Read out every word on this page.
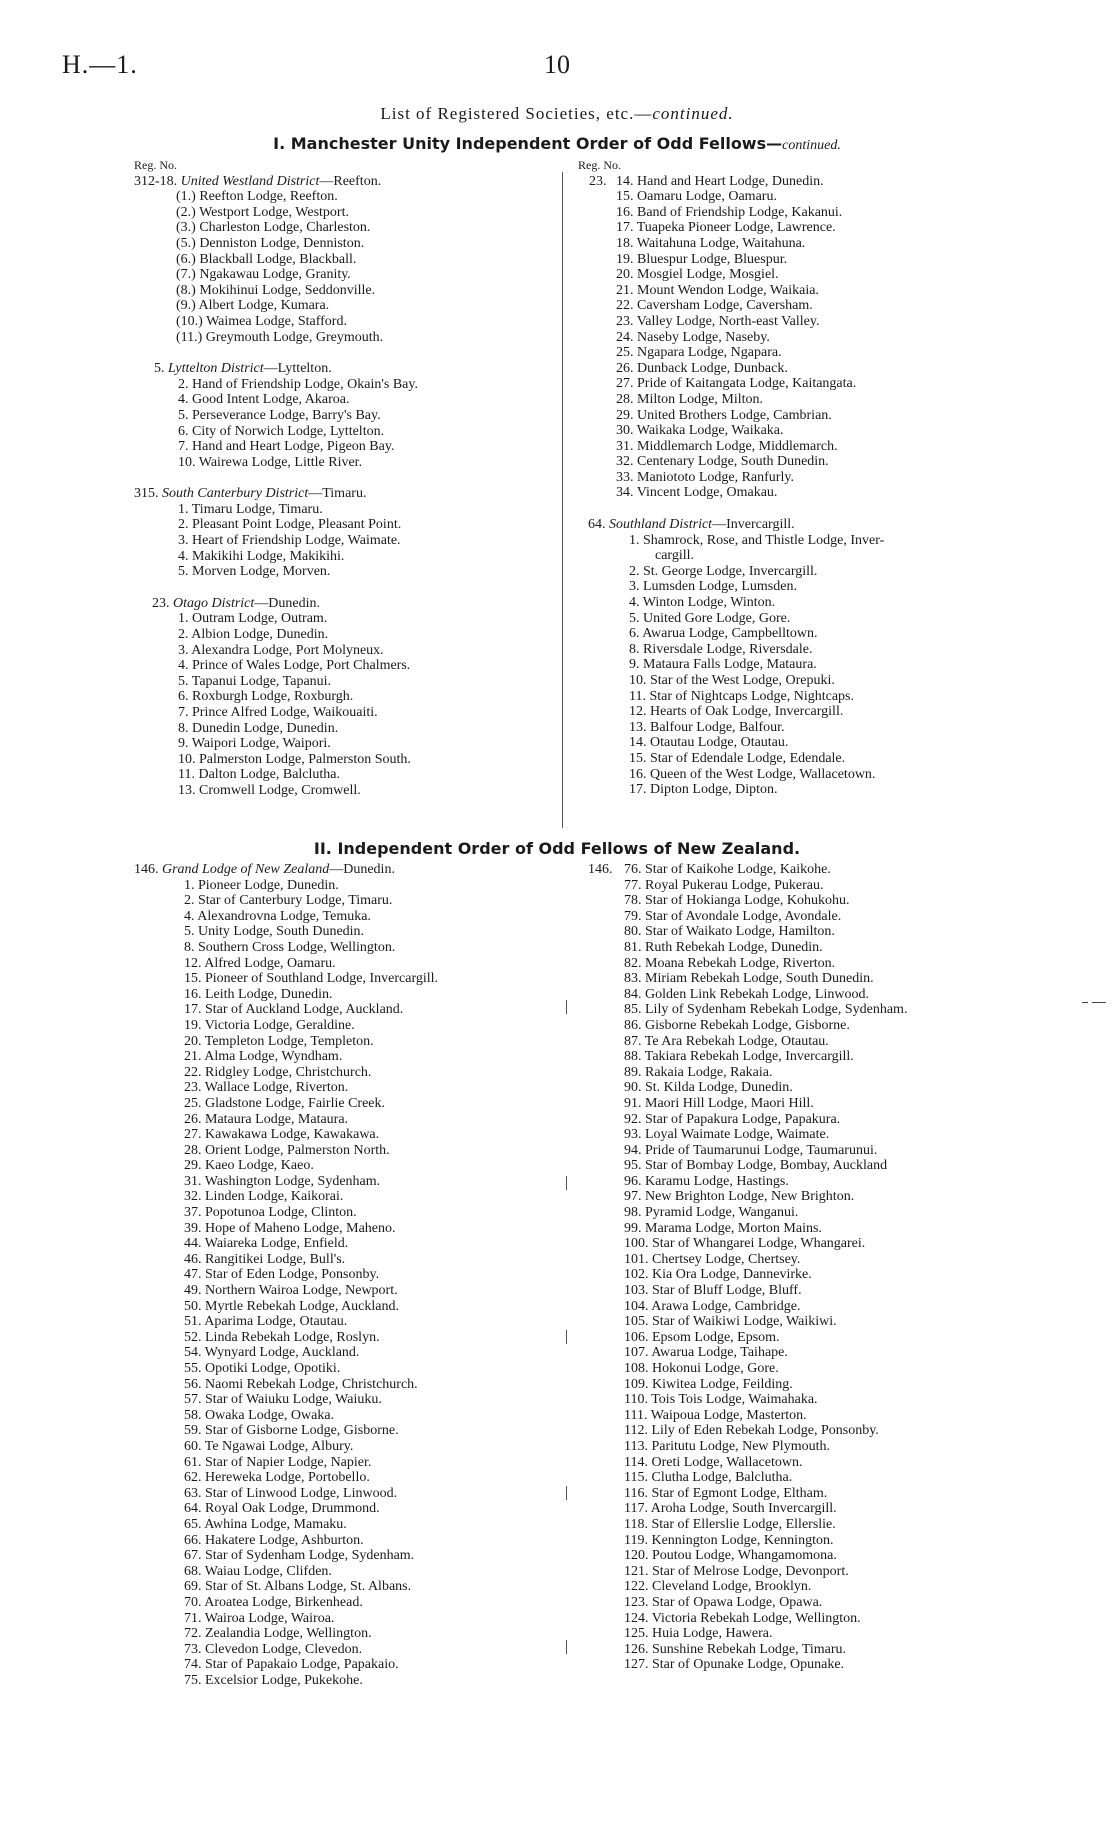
H.—1.	10
List of Registered Societies, etc.—continued.
I. Manchester Unity Independent Order of Odd Fellows—continued.
Reg. No.
312-18. United Westland District—Reefton.
(1.) Reefton Lodge, Reefton.
(2.) Westport Lodge, Westport.
(3.) Charleston Lodge, Charleston.
(5.) Denniston Lodge, Denniston.
(6.) Blackball Lodge, Blackball.
(7.) Ngakawau Lodge, Granity.
(8.) Mokihinui Lodge, Seddonville.
(9.) Albert Lodge, Kumara.
(10.) Waimea Lodge, Stafford.
(11.) Greymouth Lodge, Greymouth.
5. Lyttelton District—Lyttelton.
2. Hand of Friendship Lodge, Okain's Bay.
4. Good Intent Lodge, Akaroa.
5. Perseverance Lodge, Barry's Bay.
6. City of Norwich Lodge, Lyttelton.
7. Hand and Heart Lodge, Pigeon Bay.
10. Wairewa Lodge, Little River.
315. South Canterbury District—Timaru.
1. Timaru Lodge, Timaru.
2. Pleasant Point Lodge, Pleasant Point.
3. Heart of Friendship Lodge, Waimate.
4. Makikihi Lodge, Makikihi.
5. Morven Lodge, Morven.
23. Otago District—Dunedin.
1. Outram Lodge, Outram.
2. Albion Lodge, Dunedin.
3. Alexandra Lodge, Port Molyneux.
4. Prince of Wales Lodge, Port Chalmers.
5. Tapanui Lodge, Tapanui.
6. Roxburgh Lodge, Roxburgh.
7. Prince Alfred Lodge, Waikouaiti.
8. Dunedin Lodge, Dunedin.
9. Waipori Lodge, Waipori.
10. Palmerston Lodge, Palmerston South.
11. Dalton Lodge, Balclutha.
13. Cromwell Lodge, Cromwell.
Reg. No.
23. 14. Hand and Heart Lodge, Dunedin.
15. Oamaru Lodge, Oamaru.
16. Band of Friendship Lodge, Kakanui.
17. Tuapeka Pioneer Lodge, Lawrence.
18. Waitahuna Lodge, Waitahuna.
19. Bluespur Lodge, Bluespur.
20. Mosgiel Lodge, Mosgiel.
21. Mount Wendon Lodge, Waikaia.
22. Caversham Lodge, Caversham.
23. Valley Lodge, North-east Valley.
24. Naseby Lodge, Naseby.
25. Ngapara Lodge, Ngapara.
26. Dunback Lodge, Dunback.
27. Pride of Kaitangata Lodge, Kaitangata.
28. Milton Lodge, Milton.
29. United Brothers Lodge, Cambrian.
30. Waikaka Lodge, Waikaka.
31. Middlemarch Lodge, Middlemarch.
32. Centenary Lodge, South Dunedin.
33. Maniototo Lodge, Ranfurly.
34. Vincent Lodge, Omakau.
64. Southland District—Invercargill.
1. Shamrock, Rose, and Thistle Lodge, Inver-
cargill.
2. St. George Lodge, Invercargill.
3. Lumsden Lodge, Lumsden.
4. Winton Lodge, Winton.
5. United Gore Lodge, Gore.
6. Awarua Lodge, Campbelltown.
8. Riversdale Lodge, Riversdale.
9. Mataura Falls Lodge, Mataura.
10. Star of the West Lodge, Orepuki.
11. Star of Nightcaps Lodge, Nightcaps.
12. Hearts of Oak Lodge, Invercargill.
13. Balfour Lodge, Balfour.
14. Otautau Lodge, Otautau.
15. Star of Edendale Lodge, Edendale.
16. Queen of the West Lodge, Wallacetown.
17. Dipton Lodge, Dipton.
II. Independent Order of Odd Fellows of New Zealand.
146. Grand Lodge of New Zealand—Dunedin.
1. Pioneer Lodge, Dunedin.
2. Star of Canterbury Lodge, Timaru.
4. Alexandrovna Lodge, Temuka.
5. Unity Lodge, South Dunedin.
8. Southern Cross Lodge, Wellington.
12. Alfred Lodge, Oamaru.
15. Pioneer of Southland Lodge, Invercargill.
16. Leith Lodge, Dunedin.
17. Star of Auckland Lodge, Auckland.
19. Victoria Lodge, Geraldine.
20. Templeton Lodge, Templeton.
21. Alma Lodge, Wyndham.
22. Ridgley Lodge, Christchurch.
23. Wallace Lodge, Riverton.
25. Gladstone Lodge, Fairlie Creek.
26. Mataura Lodge, Mataura.
27. Kawakawa Lodge, Kawakawa.
28. Orient Lodge, Palmerston North.
29. Kaeo Lodge, Kaeo.
31. Washington Lodge, Sydenham.
32. Linden Lodge, Kaikorai.
37. Popotunoa Lodge, Clinton.
39. Hope of Maheno Lodge, Maheno.
44. Waiareka Lodge, Enfield.
46. Rangitikei Lodge, Bull's.
47. Star of Eden Lodge, Ponsonby.
49. Northern Wairoa Lodge, Newport.
50. Myrtle Rebekah Lodge, Auckland.
51. Aparima Lodge, Otautau.
52. Linda Rebekah Lodge, Roslyn.
54. Wynyard Lodge, Auckland.
55. Opotiki Lodge, Opotiki.
56. Naomi Rebekah Lodge, Christchurch.
57. Star of Waiuku Lodge, Waiuku.
58. Owaka Lodge, Owaka.
59. Star of Gisborne Lodge, Gisborne.
60. Te Ngawai Lodge, Albury.
61. Star of Napier Lodge, Napier.
62. Hereweka Lodge, Portobello.
63. Star of Linwood Lodge, Linwood.
64. Royal Oak Lodge, Drummond.
65. Awhina Lodge, Mamaku.
66. Hakatere Lodge, Ashburton.
67. Star of Sydenham Lodge, Sydenham.
68. Waiau Lodge, Clifden.
69. Star of St. Albans Lodge, St. Albans.
70. Aroatea Lodge, Birkenhead.
71. Wairoa Lodge, Wairoa.
72. Zealandia Lodge, Wellington.
73. Clevedon Lodge, Clevedon.
74. Star of Papakaio Lodge, Papakaio.
75. Excelsior Lodge, Pukekohe.
146. 76. Star of Kaikohe Lodge, Kaikohe.
77. Royal Pukerau Lodge, Pukerau.
78. Star of Hokianga Lodge, Kohukohu.
79. Star of Avondale Lodge, Avondale.
80. Star of Waikato Lodge, Hamilton.
81. Ruth Rebekah Lodge, Dunedin.
82. Moana Rebekah Lodge, Riverton.
83. Miriam Rebekah Lodge, South Dunedin.
84. Golden Link Rebekah Lodge, Linwood.
85. Lily of Sydenham Rebekah Lodge, Sydenham.
86. Gisborne Rebekah Lodge, Gisborne.
87. Te Ara Rebekah Lodge, Otautau.
88. Takiara Rebekah Lodge, Invercargill.
89. Rakaia Lodge, Rakaia.
90. St. Kilda Lodge, Dunedin.
91. Maori Hill Lodge, Maori Hill.
92. Star of Papakura Lodge, Papakura.
93. Loyal Waimate Lodge, Waimate.
94. Pride of Taumarunui Lodge, Taumarunui.
95. Star of Bombay Lodge, Bombay, Auckland
96. Karamu Lodge, Hastings.
97. New Brighton Lodge, New Brighton.
98. Pyramid Lodge, Wanganui.
99. Marama Lodge, Morton Mains.
100. Star of Whangarei Lodge, Whangarei.
101. Chertsey Lodge, Chertsey.
102. Kia Ora Lodge, Dannevirke.
103. Star of Bluff Lodge, Bluff.
104. Arawa Lodge, Cambridge.
105. Star of Waikiwi Lodge, Waikiwi.
106. Epsom Lodge, Epsom.
107. Awarua Lodge, Taihape.
108. Hokonui Lodge, Gore.
109. Kiwitea Lodge, Feilding.
110. Tois Tois Lodge, Waimahaka.
111. Waipoua Lodge, Masterton.
112. Lily of Eden Rebekah Lodge, Ponsonby.
113. Paritutu Lodge, New Plymouth.
114. Oreti Lodge, Wallacetown.
115. Clutha Lodge, Balclutha.
116. Star of Egmont Lodge, Eltham.
117. Aroha Lodge, South Invercargill.
118. Star of Ellerslie Lodge, Ellerslie.
119. Kennington Lodge, Kennington.
120. Poutou Lodge, Whangamomona.
121. Star of Melrose Lodge, Devonport.
122. Cleveland Lodge, Brooklyn.
123. Star of Opawa Lodge, Opawa.
124. Victoria Rebekah Lodge, Wellington.
125. Huia Lodge, Hawera.
126. Sunshine Rebekah Lodge, Timaru.
127. Star of Opunake Lodge, Opunake.
